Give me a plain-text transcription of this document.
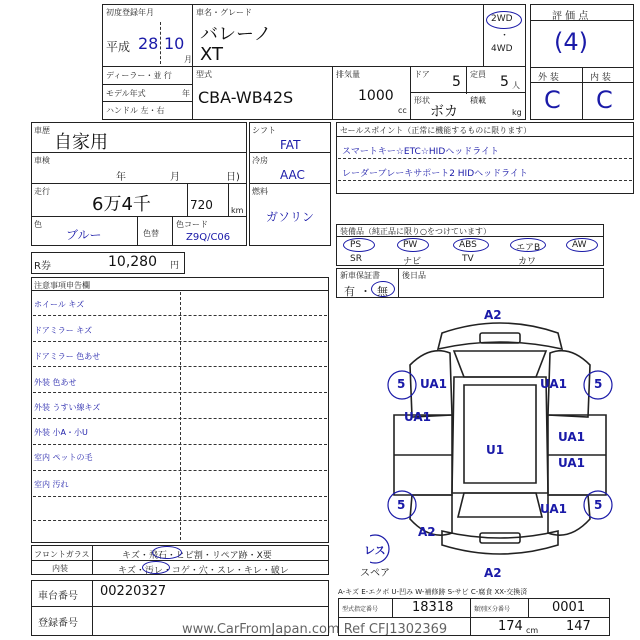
初度登録年月
平成 28 10
月
車名・グレード
バレーノ
XT
2WD
・
4WD
ディーラー・並 行
モデル年式	年
ハンドル 左・右
型式
CBA-WB42S
排気量
1000
cc
ドア 5 定員 5 人
形状
ボカ
積載
kg
評 価 点
(4)
外 装	内 装
C C
車歴
自家用
車検
年	月	日)
走行
6万4千	720 km
色
ブルー	色替
色コード
Z9Q/C06
シフト
FAT
冷房
AAC
燃料
ガソリン
セールスポイント（正常に機能するものに限ります）
スマートキー☆ETC☆HIDヘッドライト
レーダーブレーキサポート2 HIDヘッドライト
装備品（純正品に限り○をつけています）
PS	PW	ABS	エアB	AW
SR	ナビ	TV	カワ
新車保証書
有 ・ 無
後日品
R券	10,280 円
注意事項申告欄
ホイール キズ
ドアミラー キズ
ドアミラー 色あせ
外装 色あせ
外装 うすい線キズ
外装 小A・小U
室内 ペットの毛
室内 汚れ
フロントガラス	キズ・飛石・ヒビ割・リペア跡・X要
内装	キズ・汚レ・コゲ・穴・スレ・キレ・破レ
車台番号 00220327
登録番号
A2
5 UA1	5
UA1
UA1
U1
UA1
UA1
5	5
UA1
A2
A2
レス
スペア
A-キズ E-エクボ U-凹み W-補修跡 S-サビ C-腐食 XX-交換済
型式指定番号	18318	類別区分番号	0001
174 cm 147
www.CarFromJapan.com Ref CFJ1302369
